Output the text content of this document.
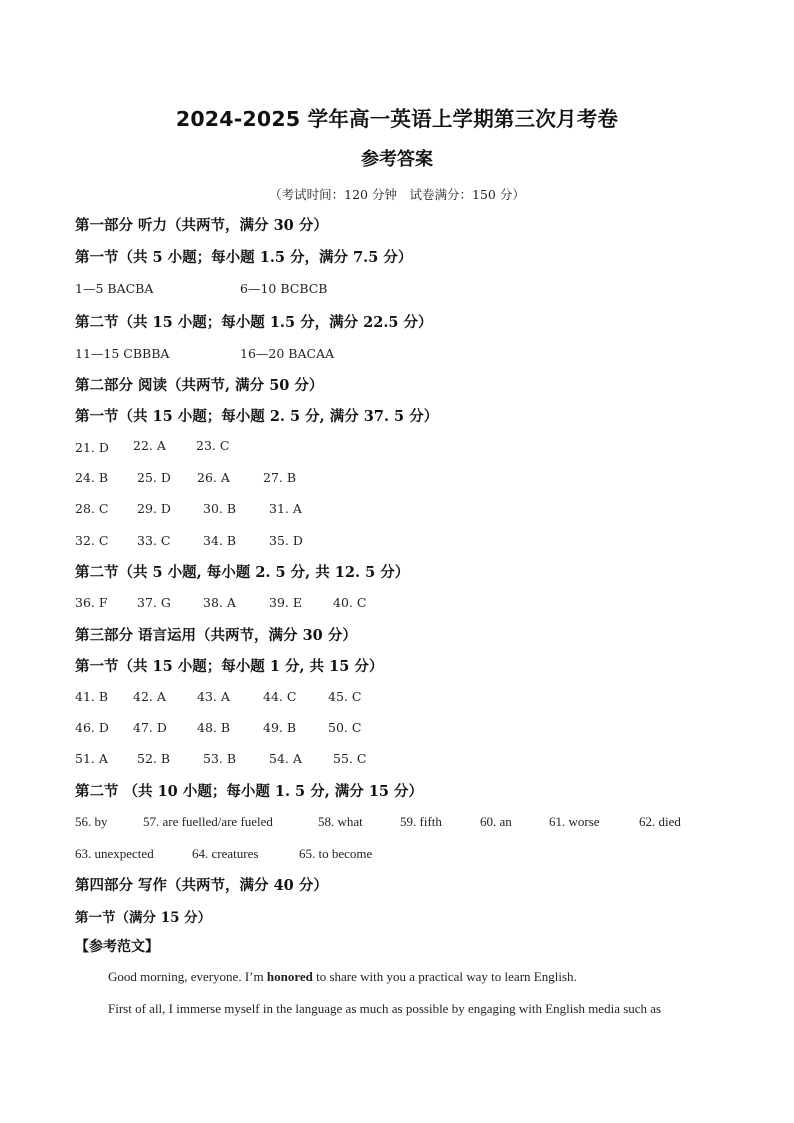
2024-2025 学年高一英语上学期第三次月考卷
参考答案
（考试时间：120 分钟　试卷满分：150 分）
第一部分 听力（共两节，满分 30 分）
第一节（共 5 小题；每小题 1.5 分，满分 7.5 分）
1—5 BACBA	6—10 BCBCB
第二节（共 15 小题；每小题 1.5 分，满分 22.5 分）
11—15 CBBBA	16—20 BACAA
第二部分 阅读（共两节, 满分 50 分）
第一节（共 15 小题；每小题 2. 5 分, 满分 37. 5 分）
21. D 22. A 23. C
24. B 25. D 26. A	27. B
28. C 29. D	30. B	31. A
32. C 33. C	34. B	35. D
第二节（共 5 小题, 每小题 2. 5 分, 共 12. 5 分）
36. F 37. G	38. A	39. E 40. C
第三部分 语言运用（共两节，满分 30 分）
第一节（共 15 小题；每小题 1 分, 共 15 分）
41. B 42. A 43. A	44. C	45. C
46. D 47. D 48. B	49. B	50. C
51. A 52. B	53. B	54. A 55. C
第二节 （共 10 小题；每小题 1. 5 分, 满分 15 分）
56. by	57. are fuelled/are fueled	58. what	59. fifth	60. an	61. worse	62. died
63. unexpected	64. creatures	65. to become
第四部分 写作（共两节，满分 40 分）
第一节（满分 15 分）
【参考范文】
Good morning, everyone. I’m honored to share with you a practical way to learn English.
First of all, I immerse myself in the language as much as possible by engaging with English media such as
